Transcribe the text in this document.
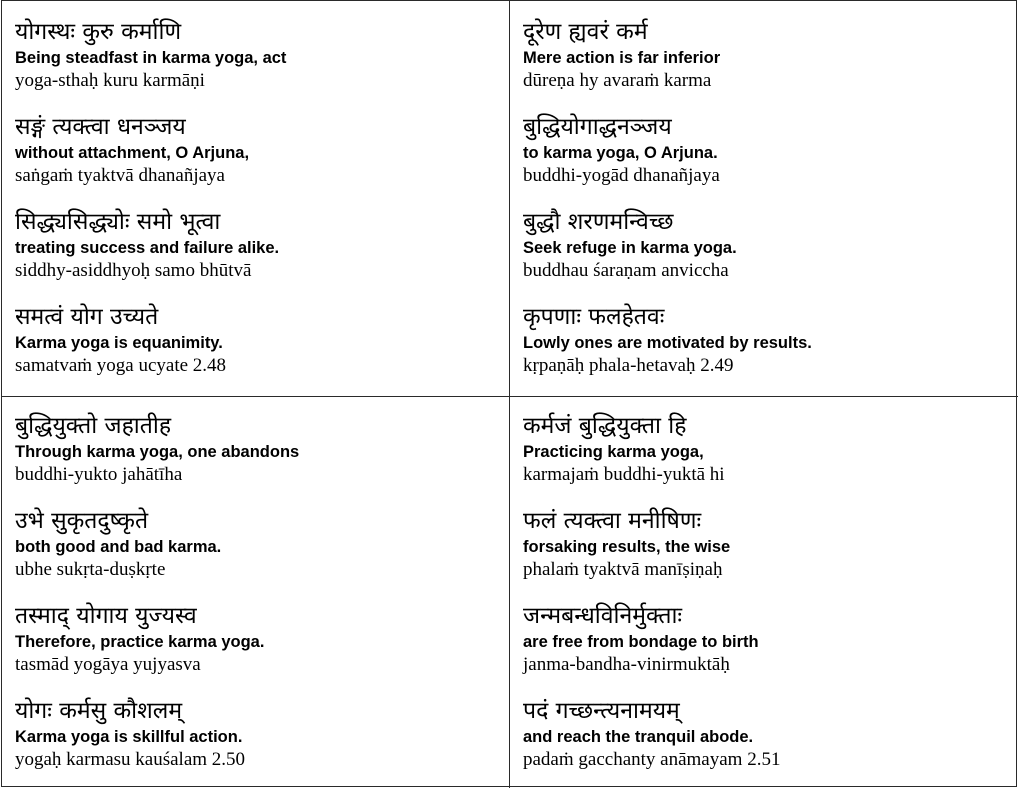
योगस्थः कुरु कर्माणि
Being steadfast in karma yoga, act
yoga-sthaḥ kuru karmāṇi
सङ्गं त्यक्त्वा धनञ्जय
without attachment, O Arjuna,
saṅgaṁ tyaktvā dhanañjaya
सिद्ध्यसिद्ध्योः समो भूत्वा
treating success and failure alike.
siddhy-asiddhyoḥ samo bhūtvā
समत्वं योग उच्यते
Karma yoga is equanimity.
samatvaṁ yoga ucyate 2.48
दूरेण ह्यवरं कर्म
Mere action is far inferior
dūreṇa hy avaraṁ karma
बुद्धियोगाद्धनञ्जय
to karma yoga, O Arjuna.
buddhi-yogād dhanañjaya
बुद्धौ शरणमन्विच्छ
Seek refuge in karma yoga.
buddhau śaraṇam anviccha
कृपणाः फलहेतवः
Lowly ones are motivated by results.
kṛpaṇāḥ phala-hetavaḥ 2.49
बुद्धियुक्तो जहातीह
Through karma yoga, one abandons
buddhi-yukto jahātīha
उभे सुकृतदुष्कृते
both good and bad karma.
ubhe sukṛta-duṣkṛte
तस्माद् योगाय युज्यस्व
Therefore, practice karma yoga.
tasmād yogāya yujyasva
योगः कर्मसु कौशलम्
Karma yoga is skillful action.
yogaḥ karmasu kauśalam 2.50
कर्मजं बुद्धियुक्ता हि
Practicing karma yoga,
karmajaṁ buddhi-yuktā hi
फलं त्यक्त्वा मनीषिणः
forsaking results, the wise
phalaṁ tyaktvā manīṣiṇaḥ
जन्मबन्धविनिर्मुक्ताः
are free from bondage to birth
janma-bandha-vinirmuktāḥ
पदं गच्छन्त्यनामयम्
and reach the tranquil abode.
padaṁ gacchanty anāmayam 2.51
